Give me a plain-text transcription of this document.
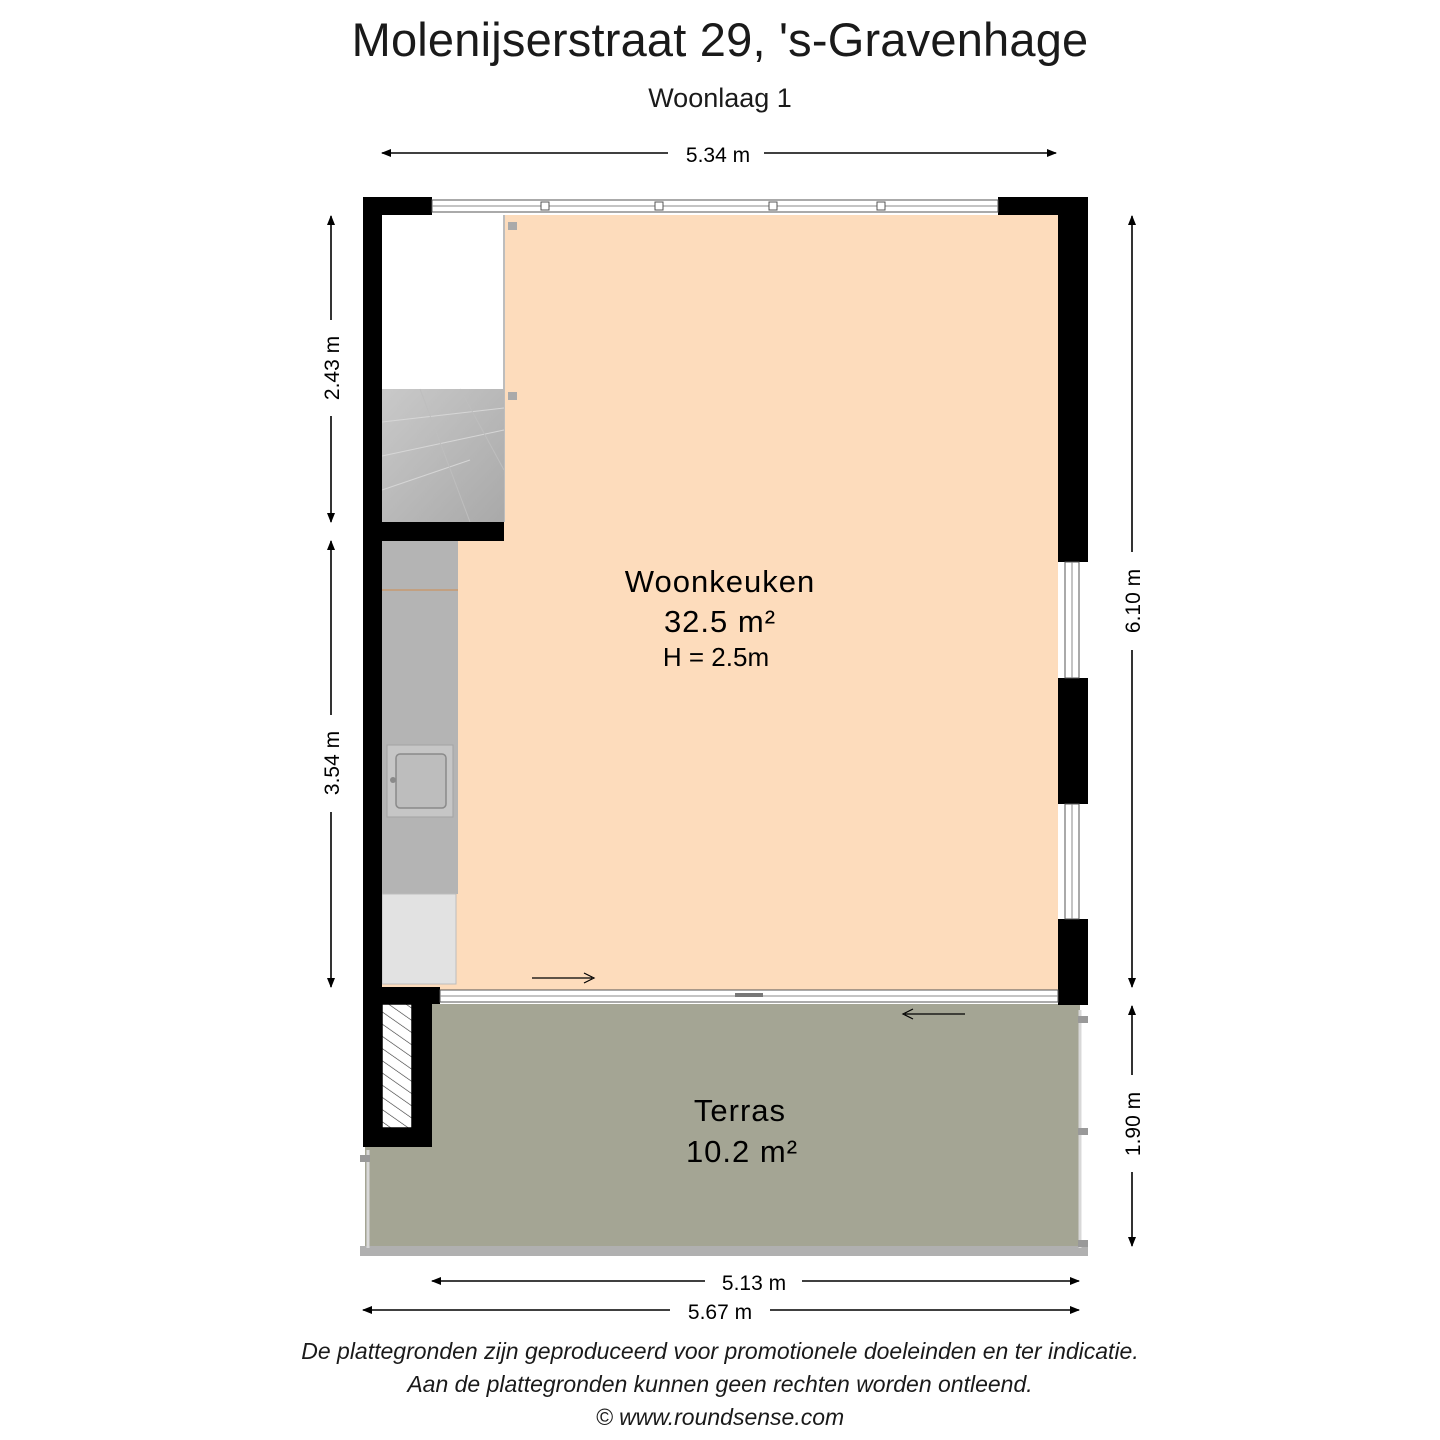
Molenijserstraat 29, 's-Gravenhage
Woonlaag 1
Woonkeuken
32.5 m²
H = 2.5m
Terras
10.2 m²
5.34 m
2.43 m
3.54 m
6.10 m
1.90 m
5.13 m
5.67 m
De plattegronden zijn geproduceerd voor promotionele doeleinden en ter indicatie.
Aan de plattegronden kunnen geen rechten worden ontleend.
© www.roundsense.com
